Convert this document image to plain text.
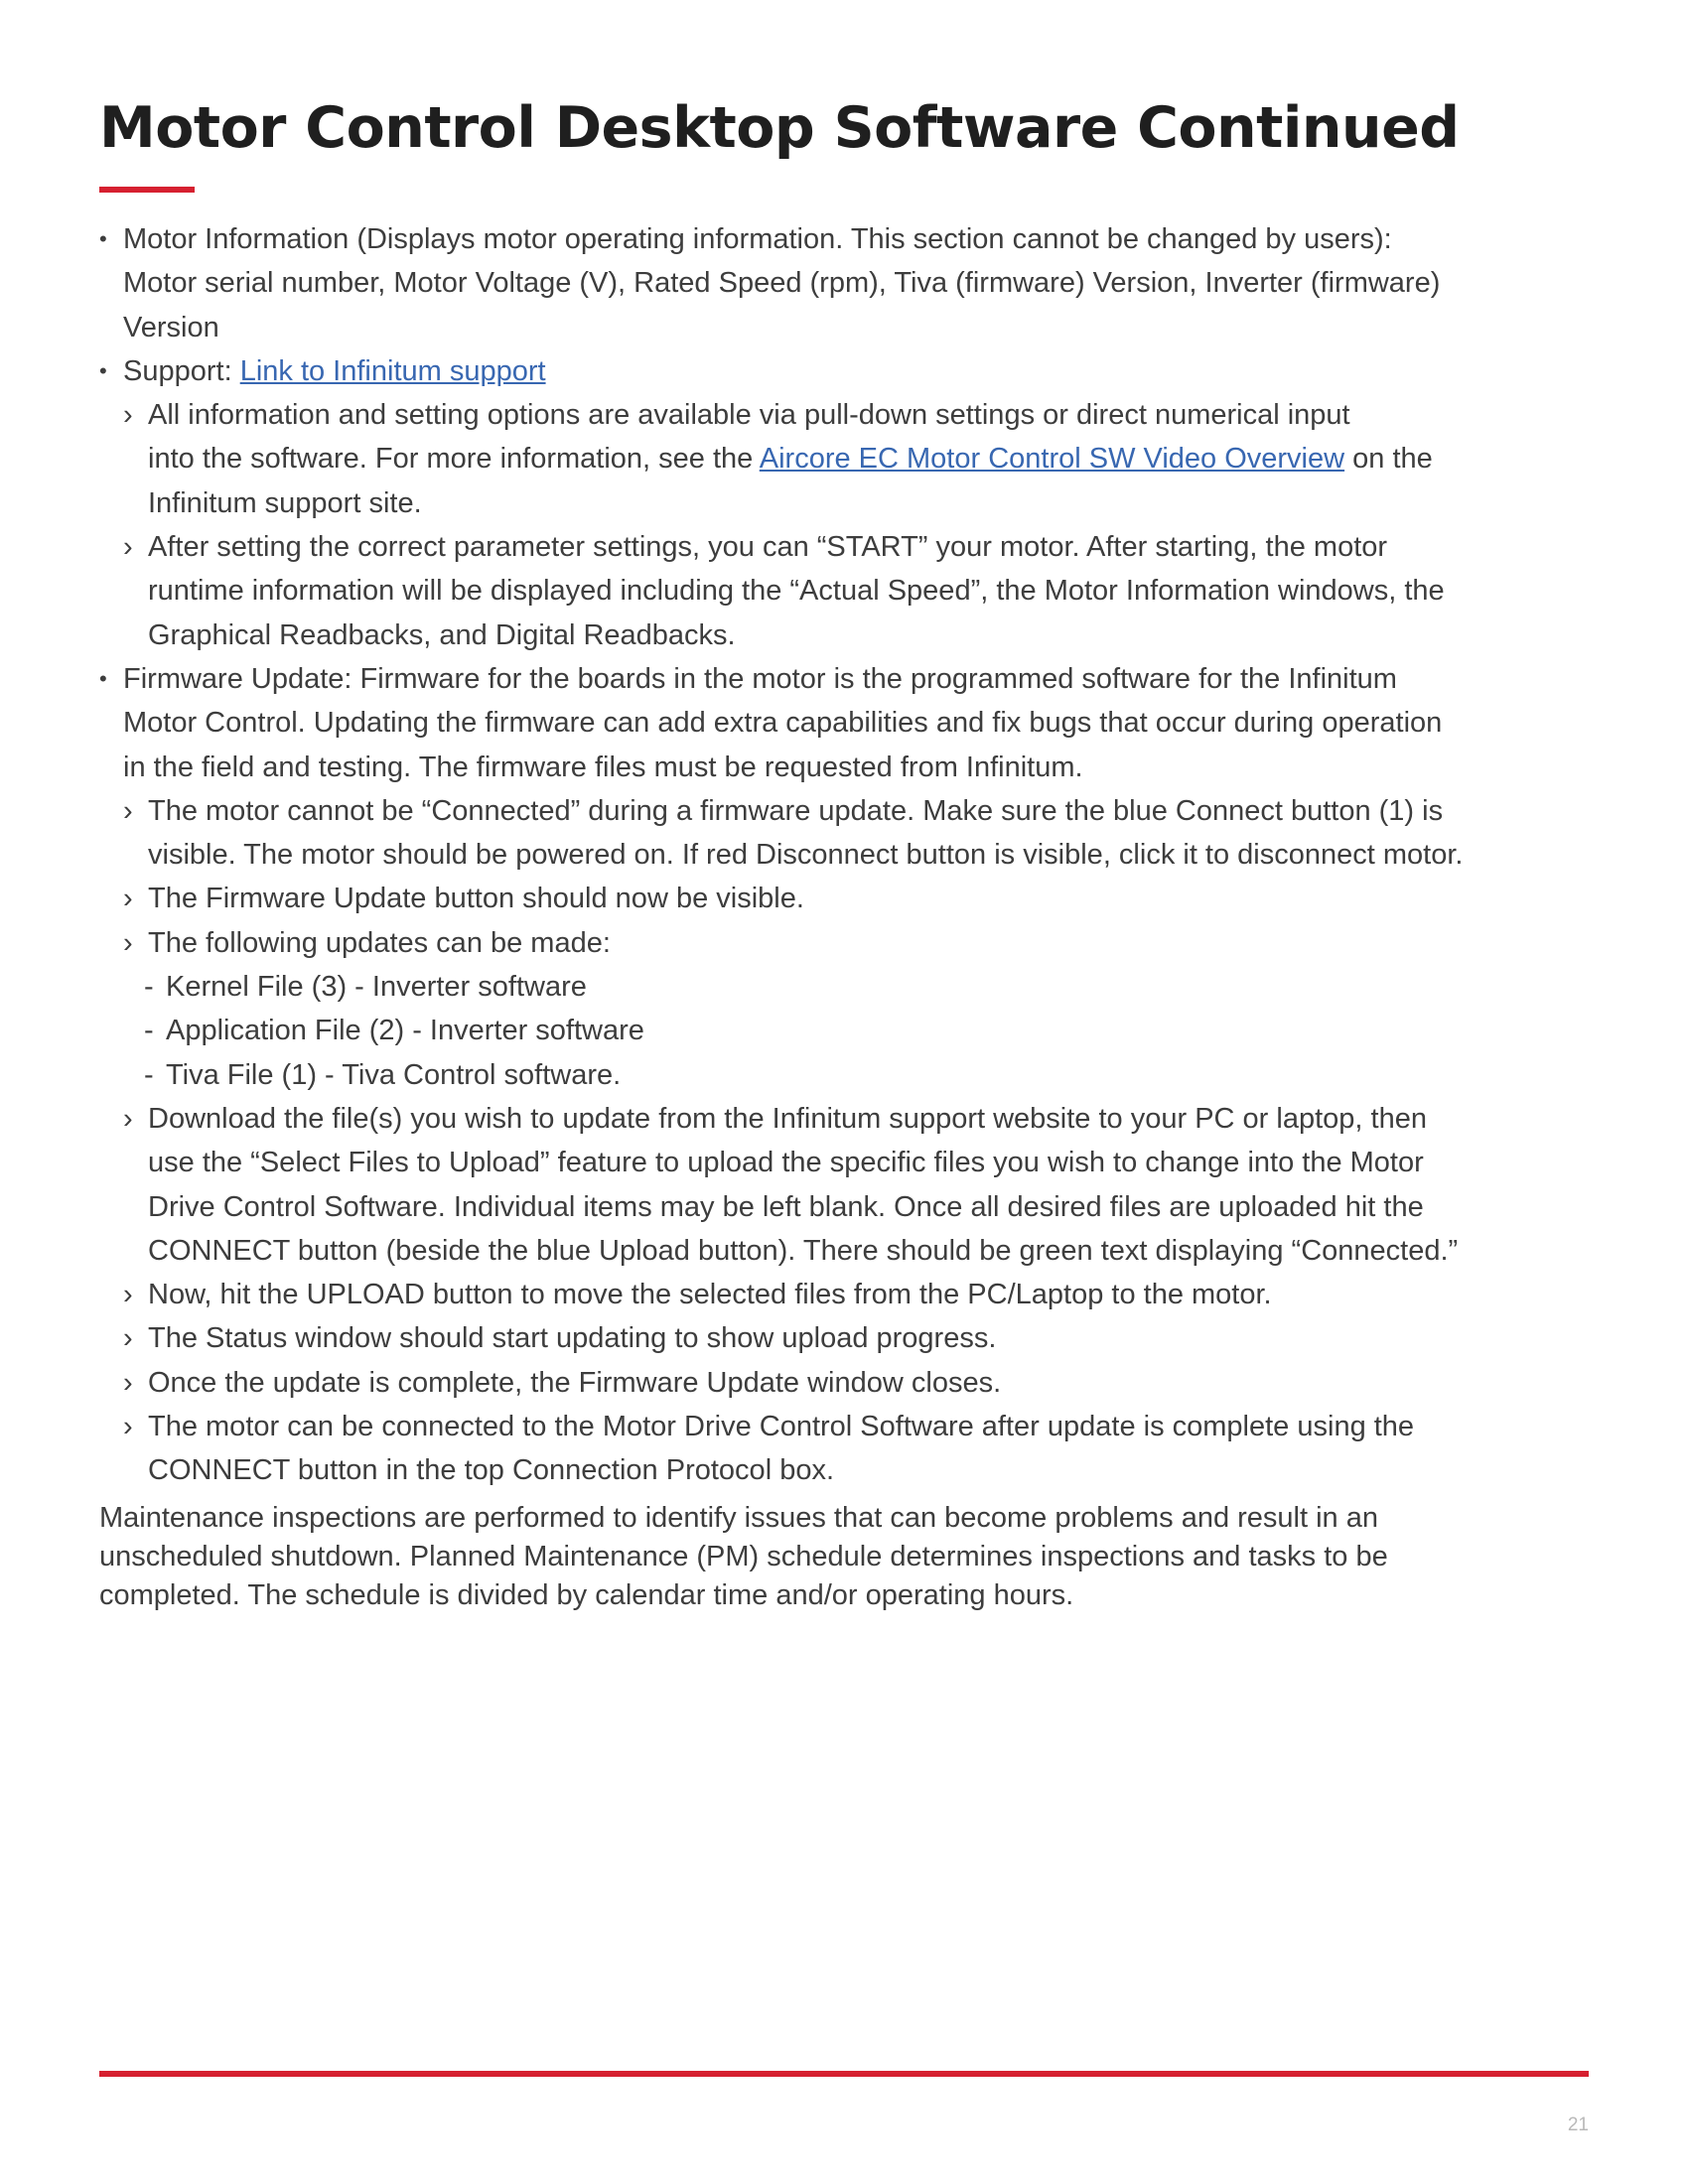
Motor Control Desktop Software Continued
• Motor Information (Displays motor operating information. This section cannot be changed by users):
Motor serial number, Motor Voltage (V), Rated Speed (rpm), Tiva (firmware) Version, Inverter (firmware)
Version
• Support: Link to Infinitum support
› All information and setting options are available via pull-down settings or direct numerical input
into the software. For more information, see the Aircore EC Motor Control SW Video Overview on the
Infinitum support site.
› After setting the correct parameter settings, you can “START” your motor. After starting, the motor
runtime information will be displayed including the “Actual Speed”, the Motor Information windows, the
Graphical Readbacks, and Digital Readbacks.
• Firmware Update: Firmware for the boards in the motor is the programmed software for the Infinitum
Motor Control. Updating the firmware can add extra capabilities and fix bugs that occur during operation
in the field and testing. The firmware files must be requested from Infinitum.
› The motor cannot be “Connected” during a firmware update. Make sure the blue Connect button (1) is
visible. The motor should be powered on. If red Disconnect button is visible, click it to disconnect motor.
› The Firmware Update button should now be visible.
› The following updates can be made:
- Kernel File (3) - Inverter software
- Application File (2) - Inverter software
- Tiva File (1) - Tiva Control software.
› Download the file(s) you wish to update from the Infinitum support website to your PC or laptop, then
use the “Select Files to Upload” feature to upload the specific files you wish to change into the Motor
Drive Control Software. Individual items may be left blank. Once all desired files are uploaded hit the
CONNECT button (beside the blue Upload button). There should be green text displaying “Connected.”
› Now, hit the UPLOAD button to move the selected files from the PC/Laptop to the motor.
› The Status window should start updating to show upload progress.
› Once the update is complete, the Firmware Update window closes.
› The motor can be connected to the Motor Drive Control Software after update is complete using the
CONNECT button in the top Connection Protocol box.
Maintenance inspections are performed to identify issues that can become problems and result in an
unscheduled shutdown. Planned Maintenance (PM) schedule determines inspections and tasks to be
completed. The schedule is divided by calendar time and/or operating hours.
21
